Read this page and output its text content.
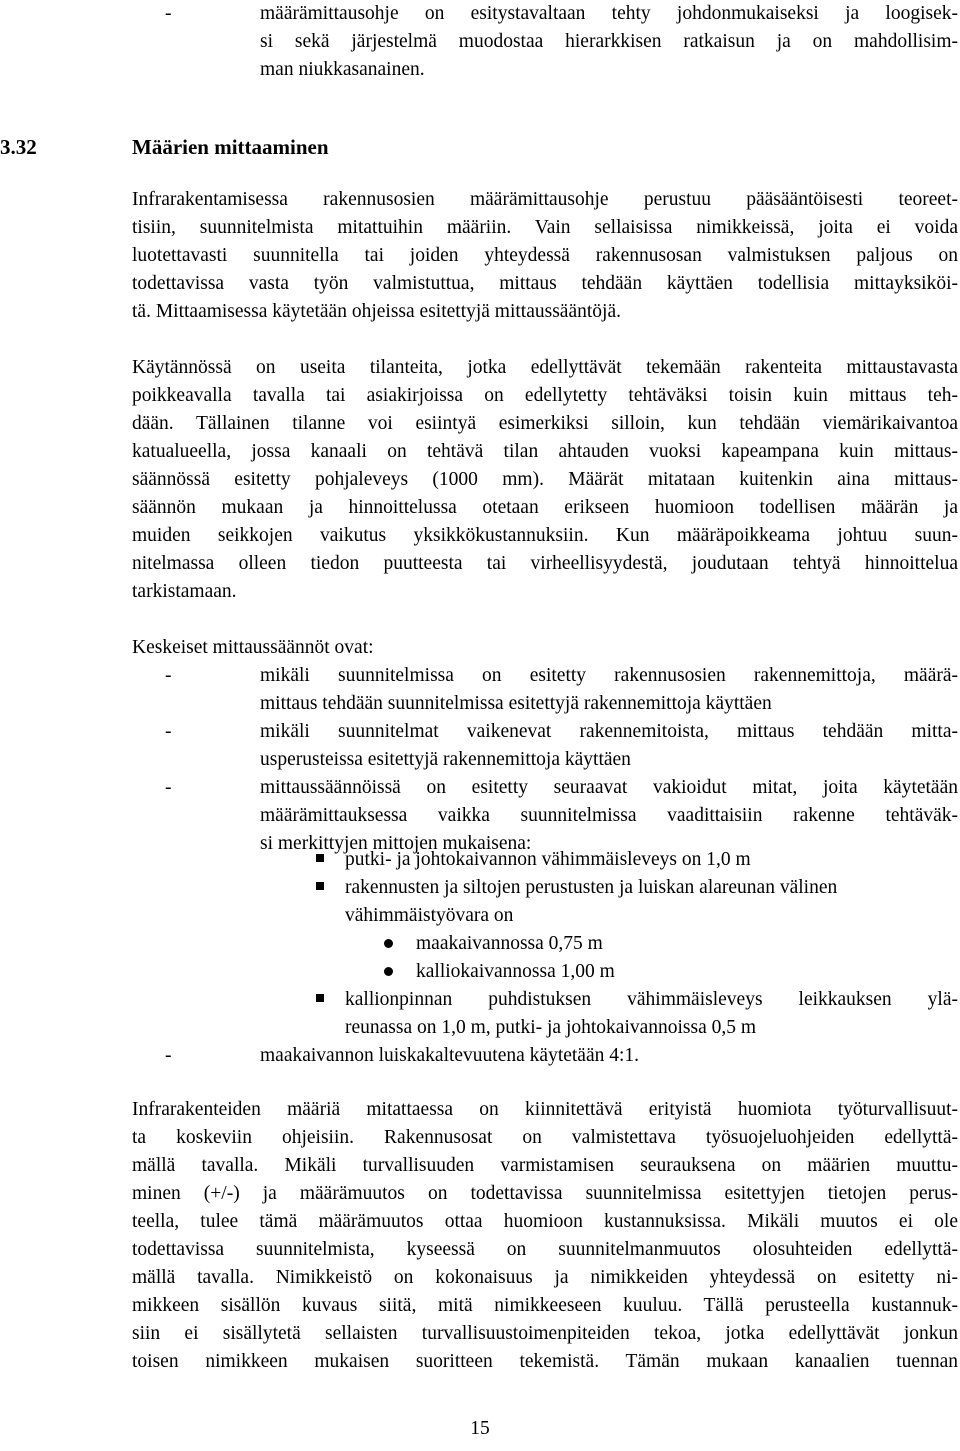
-	määrämittausohje on esitystavaltaan tehty johdonmukaiseksi ja loogisek-
si sekä järjestelmä muodostaa hierarkkisen ratkaisun ja on mahdollisim-
man niukkasanainen.
3.32	Määrien mittaaminen
Infrarakentamisessa rakennusosien määrämittausohje perustuu pääsääntöisesti teoreet-
tisiin, suunnitelmista mitattuihin määriin. Vain sellaisissa nimikkeissä, joita ei voida
luotettavasti suunnitella tai joiden yhteydessä rakennusosan valmistuksen paljous on
todettavissa vasta työn valmistuttua, mittaus tehdään käyttäen todellisia mittayksiköi-
tä. Mittaamisessa käytetään ohjeissa esitettyjä mittaussääntöjä.
Käytännössä on useita tilanteita, jotka edellyttävät tekemään rakenteita mittaustavasta
poikkeavalla tavalla tai asiakirjoissa on edellytetty tehtäväksi toisin kuin mittaus teh-
dään. Tällainen tilanne voi esiintyä esimerkiksi silloin, kun tehdään viemärikaivantoa
katualueella, jossa kanaali on tehtävä tilan ahtauden vuoksi kapeampana kuin mittaus-
säännössä esitetty pohjaleveys (1000 mm). Määrät mitataan kuitenkin aina mittaus-
säännön mukaan ja hinnoittelussa otetaan erikseen huomioon todellisen määrän ja
muiden seikkojen vaikutus yksikkökustannuksiin. Kun määräpoikkeama johtuu suun-
nitelmassa olleen tiedon puutteesta tai virheellisyydestä, joudutaan tehtyä hinnoittelua
tarkistamaan.
Keskeiset mittaussäännöt ovat:
-	mikäli suunnitelmissa on esitetty rakennusosien rakennemittoja, määrä-
mittaus tehdään suunnitelmissa esitettyjä rakennemittoja käyttäen
-	mikäli suunnitelmat vaikenevat rakennemitoista, mittaus tehdään mitta-
usperusteissa esitettyjä rakennemittoja käyttäen
-	mittaussäännöissä on esitetty seuraavat vakioidut mitat, joita käytetään
määrämittauksessa vaikka suunnitelmissa vaadittaisiin rakenne tehtäväk-
si merkittyjen mittojen mukaisena:
putki- ja johtokaivannon vähimmäisleveys on 1,0 m
rakennusten ja siltojen perustusten ja luiskan alareunan välinen
vähimmäistyövara on
maakaivannossa 0,75 m
kalliokaivannossa 1,00 m
kallionpinnan puhdistuksen vähimmäisleveys leikkauksen ylä-
reunassa on 1,0 m, putki- ja johtokaivannoissa 0,5 m
-	maakaivannon luiskakaltevuutena käytetään 4:1.
Infrarakenteiden määriä mitattaessa on kiinnitettävä erityistä huomiota työturvallisuut-
ta koskeviin ohjeisiin. Rakennusosat on valmistettava työsuojeluohjeiden edellyttä-
mällä tavalla. Mikäli turvallisuuden varmistamisen seurauksena on määrien muuttu-
minen (+/-) ja määrämuutos on todettavissa suunnitelmissa esitettyjen tietojen perus-
teella, tulee tämä määrämuutos ottaa huomioon kustannuksissa. Mikäli muutos ei ole
todettavissa suunnitelmista, kyseessä on suunnitelmanmuutos olosuhteiden edellyttä-
mällä tavalla. Nimikkeistö on kokonaisuus ja nimikkeiden yhteydessä on esitetty ni-
mikkeen sisällön kuvaus siitä, mitä nimikkeeseen kuuluu. Tällä perusteella kustannuk-
siin ei sisällytetä sellaisten turvallisuustoimenpiteiden tekoa, jotka edellyttävät jonkun
toisen nimikkeen mukaisen suoritteen tekemistä. Tämän mukaan kanaalien tuennan
15
